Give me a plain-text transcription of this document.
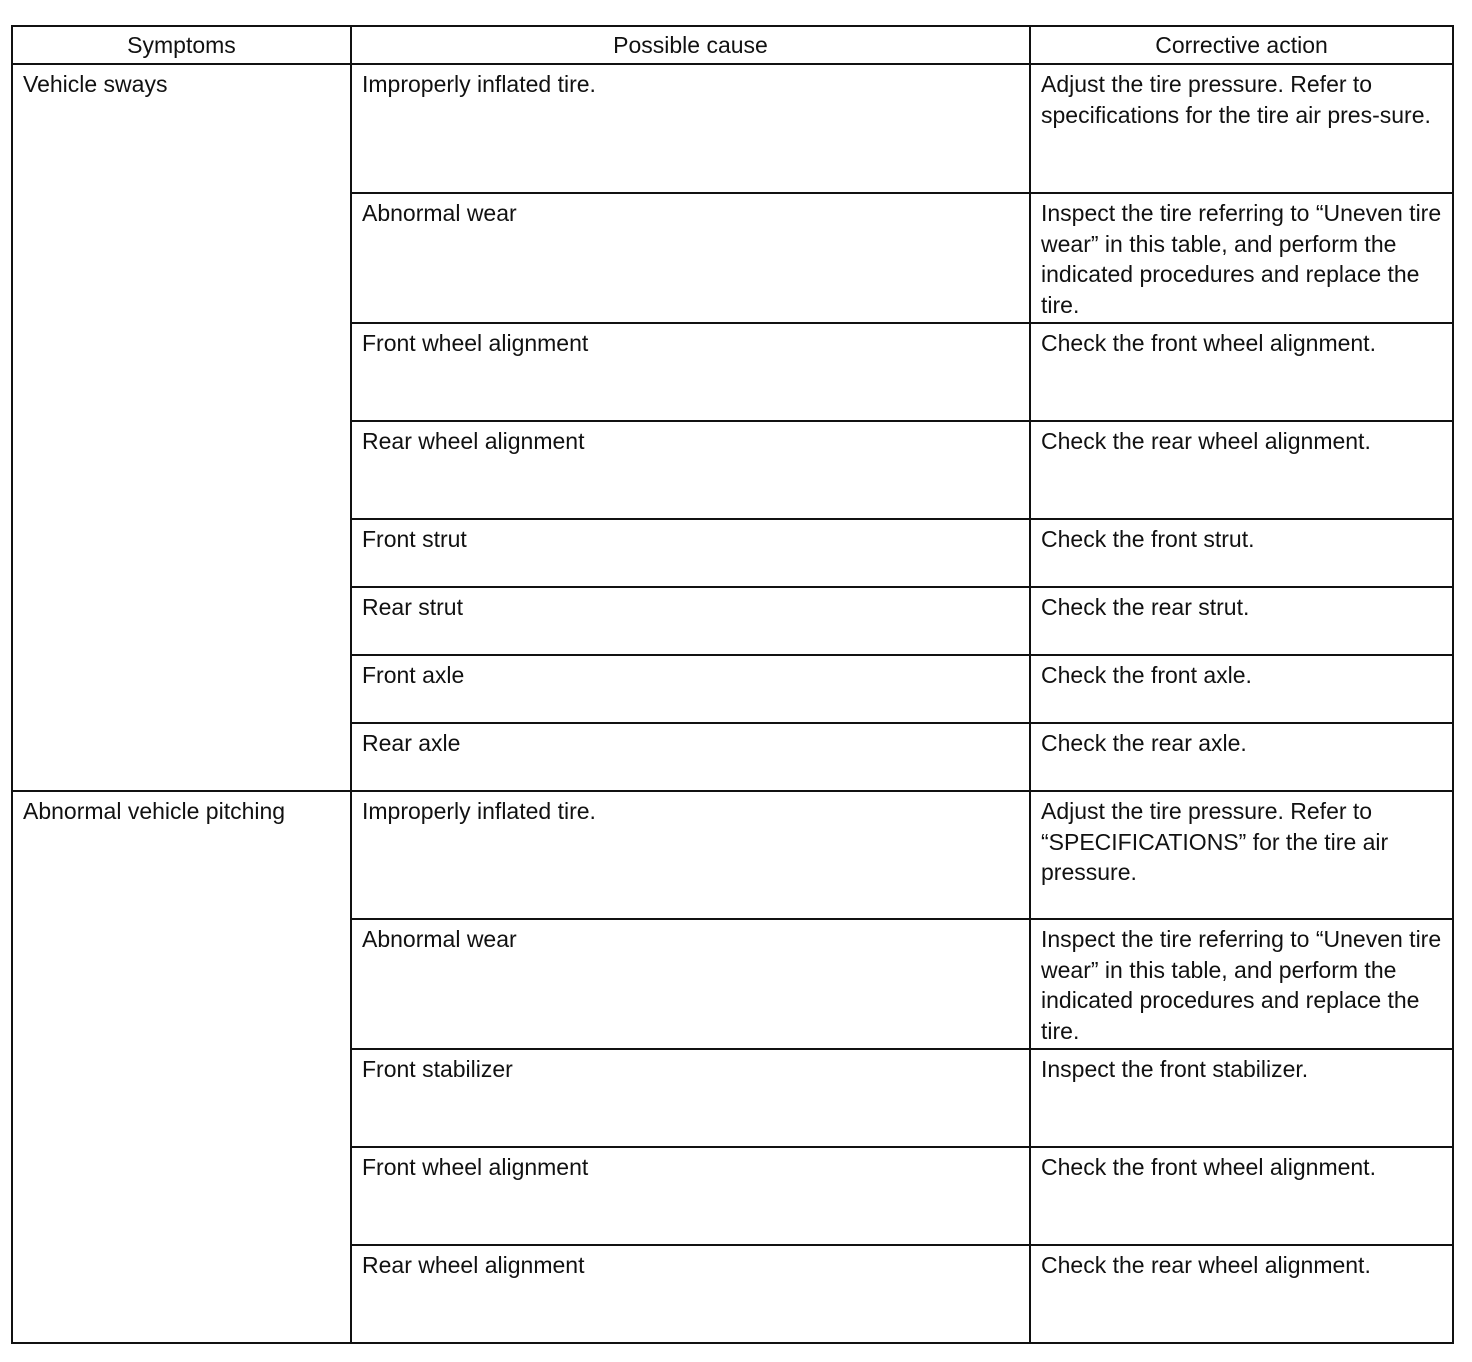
Symptoms	Possible cause	Corrective action
Vehicle sways	Improperly inflated tire.	Adjust the tire pressure. Refer to specifications for the tire air pres-sure.
	Abnormal wear	Inspect the tire referring to “Uneven tire wear” in this table, and perform the indicated procedures and replace the tire.
	Front wheel alignment	Check the front wheel alignment.
	Rear wheel alignment	Check the rear wheel alignment.
	Front strut	Check the front strut.
	Rear strut	Check the rear strut.
	Front axle	Check the front axle.
	Rear axle	Check the rear axle.
Abnormal vehicle pitching	Improperly inflated tire.	Adjust the tire pressure. Refer to “SPECIFICATIONS” for the tire air pressure.
	Abnormal wear	Inspect the tire referring to “Uneven tire wear” in this table, and perform the indicated procedures and replace the tire.
	Front stabilizer	Inspect the front stabilizer.
	Front wheel alignment	Check the front wheel alignment.
	Rear wheel alignment	Check the rear wheel alignment.
